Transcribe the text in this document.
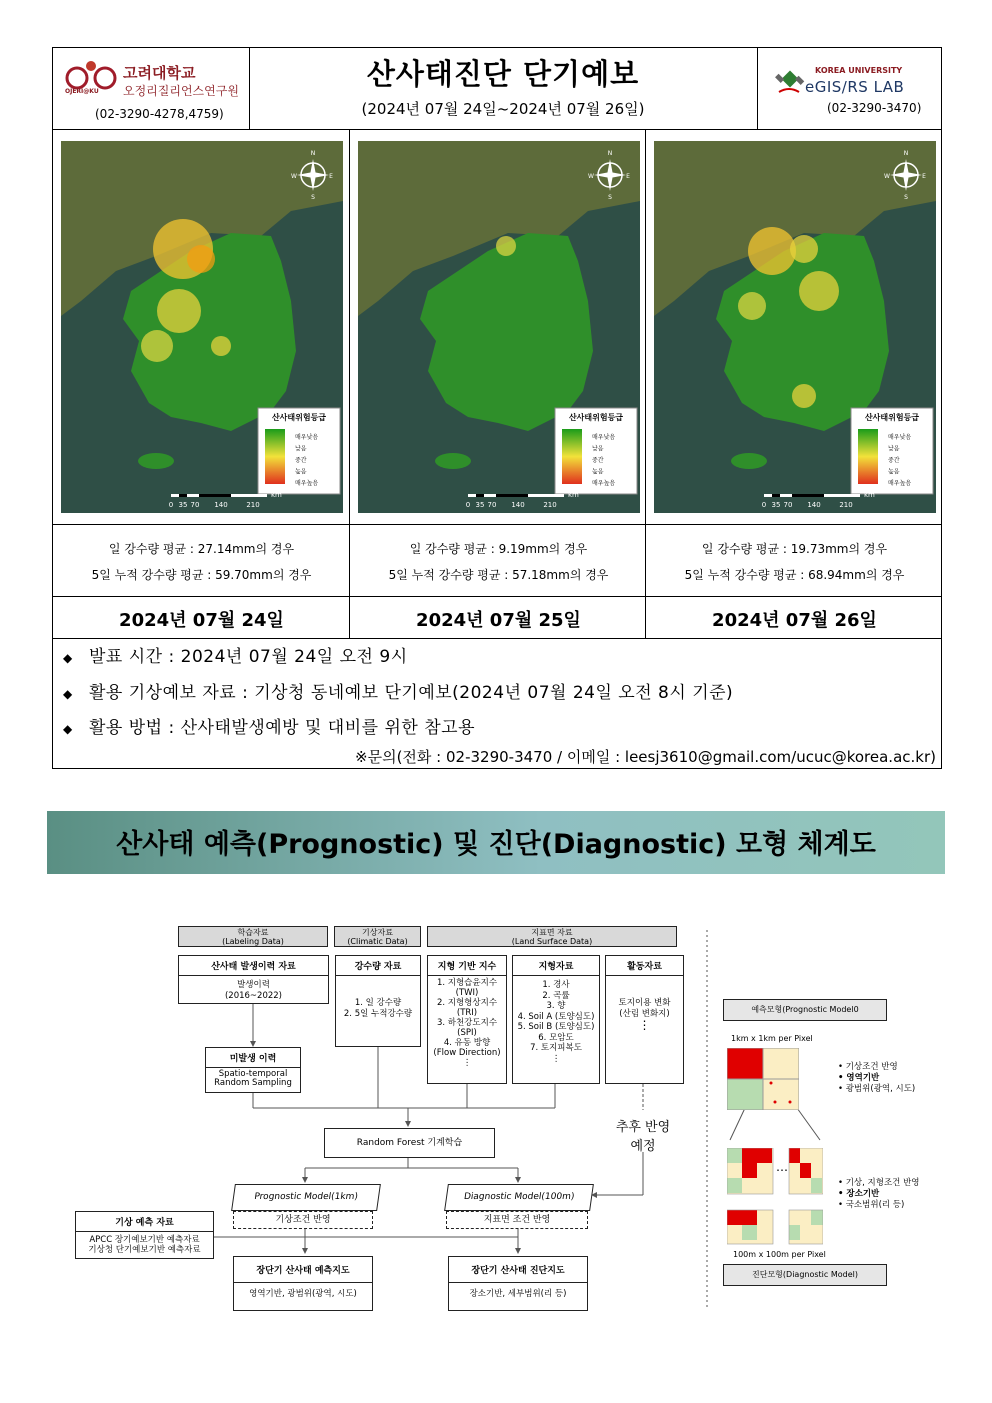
OJERI@KU
고려대학교
오정리질리언스연구원
(02-3290-4278,4759)
산사태진단 단기예보
(2024년 07월 24일~2024년 07월 26일)
KOREA UNIVERSITY
eGIS/RS LAB
(02-3290-3470)
N
E
S
W
산사태위험등급
매우낮음
낮음
중간
높음
매우높음
0 35 70 140	210
km
N
E
S
W
산사태위험등급
매우낮음
낮음
중간
높음
매우높음
0 35 70 140	210
km
N
E
S
W
산사태위험등급
매우낮음
낮음
중간
높음
매우높음
0 35 70 140	210
km
일 강수량 평균 : 27.14mm의 경우
5일 누적 강수량 평균 : 59.70mm의 경우
일 강수량 평균 : 9.19mm의 경우
5일 누적 강수량 평균 : 57.18mm의 경우
일 강수량 평균 : 19.73mm의 경우
5일 누적 강수량 평균 : 68.94mm의 경우
2024년 07월 24일	2024년 07월 25일	2024년 07월 26일
◆ 발표 시간 : 2024년 07월 24일 오전 9시
◆ 활용 기상예보 자료 : 기상청 동네예보 단기예보(2024년 07월 24일 오전 8시 기준)
◆ 활용 방법 : 산사태발생예방 및 대비를 위한 참고용
※문의(전화 : 02-3290-3470 / 이메일 : leesj3610@gmail.com/ucuc@korea.ac.kr)
산사태 예측(Prognostic) 및 진단(Diagnostic) 모형 체계도
학습자료
(Labeling Data)
기상자료
(Climatic Data)
지표면 자료
(Land Surface Data)
산사태 발생이력 자료
발생이력
(2016~2022)
미발생 이력
Spatio-temporal
Random Sampling
강수량 자료
1. 일 강수량
2. 5일 누적강수량
지형 기반 지수
1. 지형습윤지수
(TWI)
2. 지형형상지수
(TRI)
3. 하천강도지수
(SPI)
4. 유동 방향
(Flow Direction)
⋮
지형자료
1. 경사
2. 곡률
3. 향
4. Soil A (토양심도)
5. Soil B (토양심도)
6. 모암도
7. 토지피복도
⋮
활동자료
토지이용 변화
(산림 변화지)
⋮
추후 반영
예정
Random Forest 기계학습
Prognostic Model(1km)
기상조건 반영
Diagnostic Model(100m)
지표면 조건 반영
기상 예측 자료
APCC 장기예보기반 예측자료
기상청 단기예보기반 예측자료
장단기 산사태 예측지도
영역기반, 광범위(광역, 시도)
장단기 산사태 진단지도
장소기반, 세부범위(리 등)
예측모형(Prognostic Model0
1km x 1km per Pixel
• 기상조건 반영
• 영역기반
• 광범위(광역, 시도)
…
• 기상, 지형조건 반영
• 장소기반
• 국소범위(리 등)
100m x 100m per Pixel
진단모형(Diagnostic Model)
